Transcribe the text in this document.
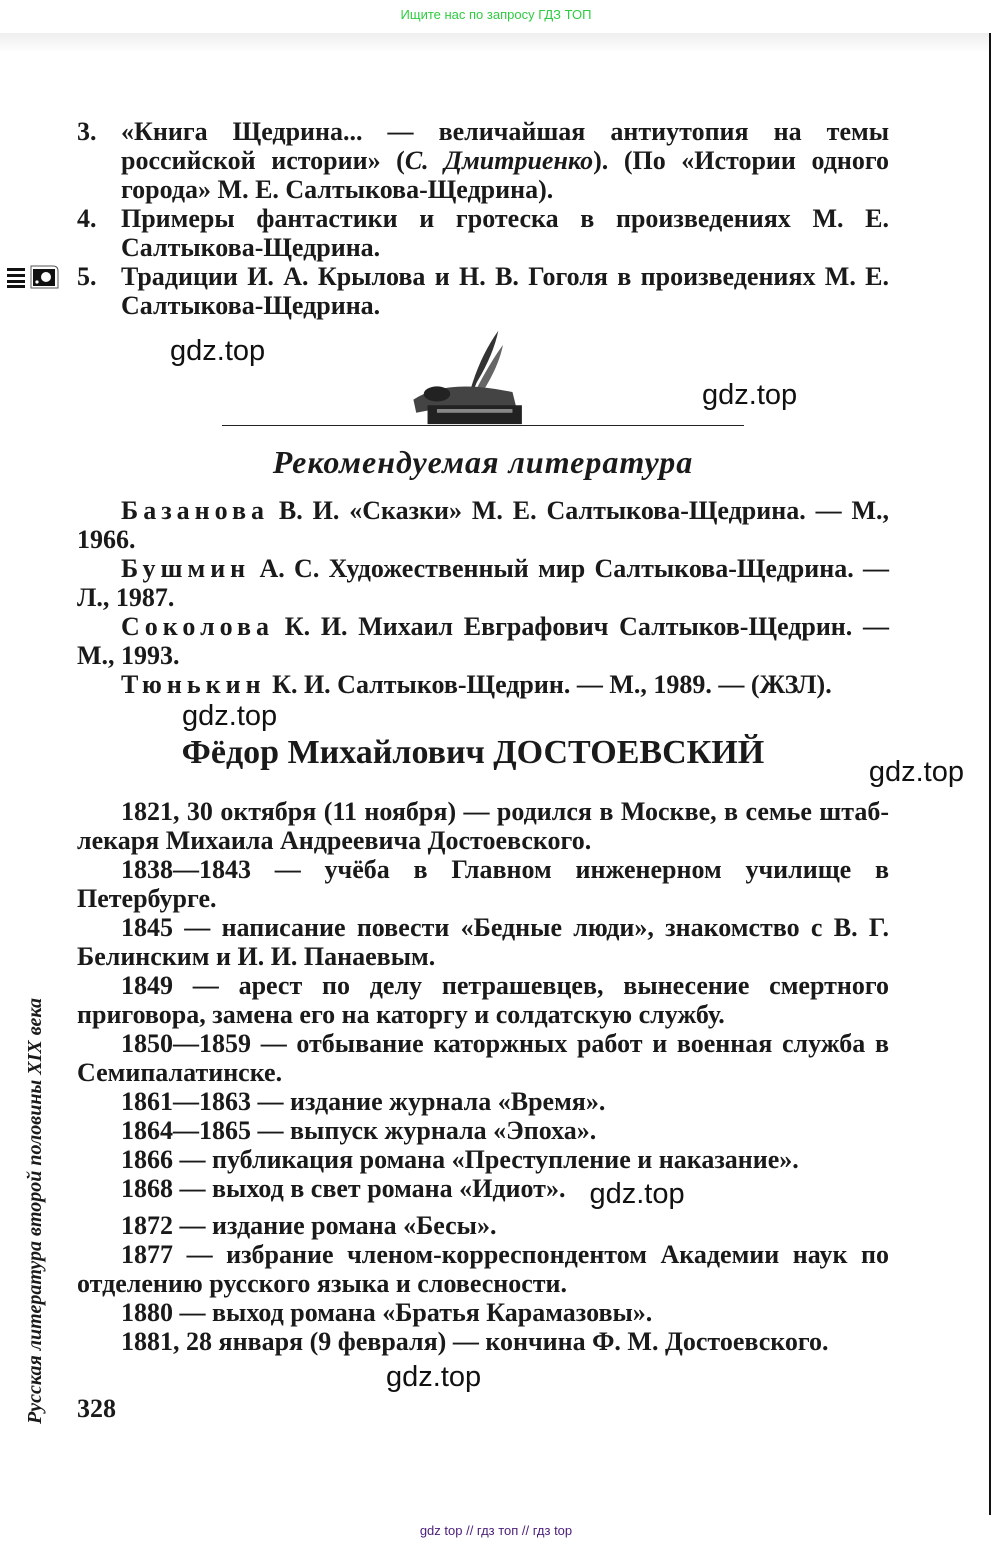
Ищите нас по запросу ГДЗ ТОП
Русская литература второй половины XIX века
3. «Книга Щедрина... — величайшая антиутопия на темы российской истории» (С. Дмитриенко). (По «Истории одного города» М. Е. Салтыкова-Щедрина).
4. Примеры фантастики и гротеска в произведениях М. Е. Салтыкова-Щедрина.
5. Традиции И. А. Крылова и Н. В. Гоголя в произведениях М. Е. Салтыкова-Щедрина.
gdz.top
gdz.top
Рекомендуемая литература
Базанова В. И. «Сказки» М. Е. Салтыкова-Щедрина. — М., 1966.
Бушмин А. С. Художественный мир Салтыкова-Щедрина. — Л., 1987.
Соколова К. И. Михаил Евграфович Салтыков-Щедрин. — М., 1993.
Тюнькин К. И. Салтыков-Щедрин. — М., 1989. — (ЖЗЛ).
gdz.top
Фёдор Михайлович ДОСТОЕВСКИЙ
gdz.top
1821, 30 октября (11 ноября) — родился в Москве, в семье штаб-лекаря Михаила Андреевича Достоевского.
1838—1843 — учёба в Главном инженерном училище в Петербурге.
1845 — написание повести «Бедные люди», знакомство с В. Г. Белинским и И. И. Панаевым.
1849 — арест по делу петрашевцев, вынесение смертного приговора, замена его на каторгу и солдатскую службу.
1850—1859 — отбывание каторжных работ и военная служба в Семипалатинске.
1861—1863 — издание журнала «Время».
1864—1865 — выпуск журнала «Эпоха».
1866 — публикация романа «Преступление и наказание».
1868 — выход в свет романа «Идиот». gdz.top
1872 — издание романа «Бесы».
1877 — избрание членом-корреспондентом Академии наук по отделению русского языка и словесности.
1880 — выход романа «Братья Карамазовы».
1881, 28 января (9 февраля) — кончина Ф. М. Достоевского.
gdz.top
328
gdz top // гдз топ // гдз top
